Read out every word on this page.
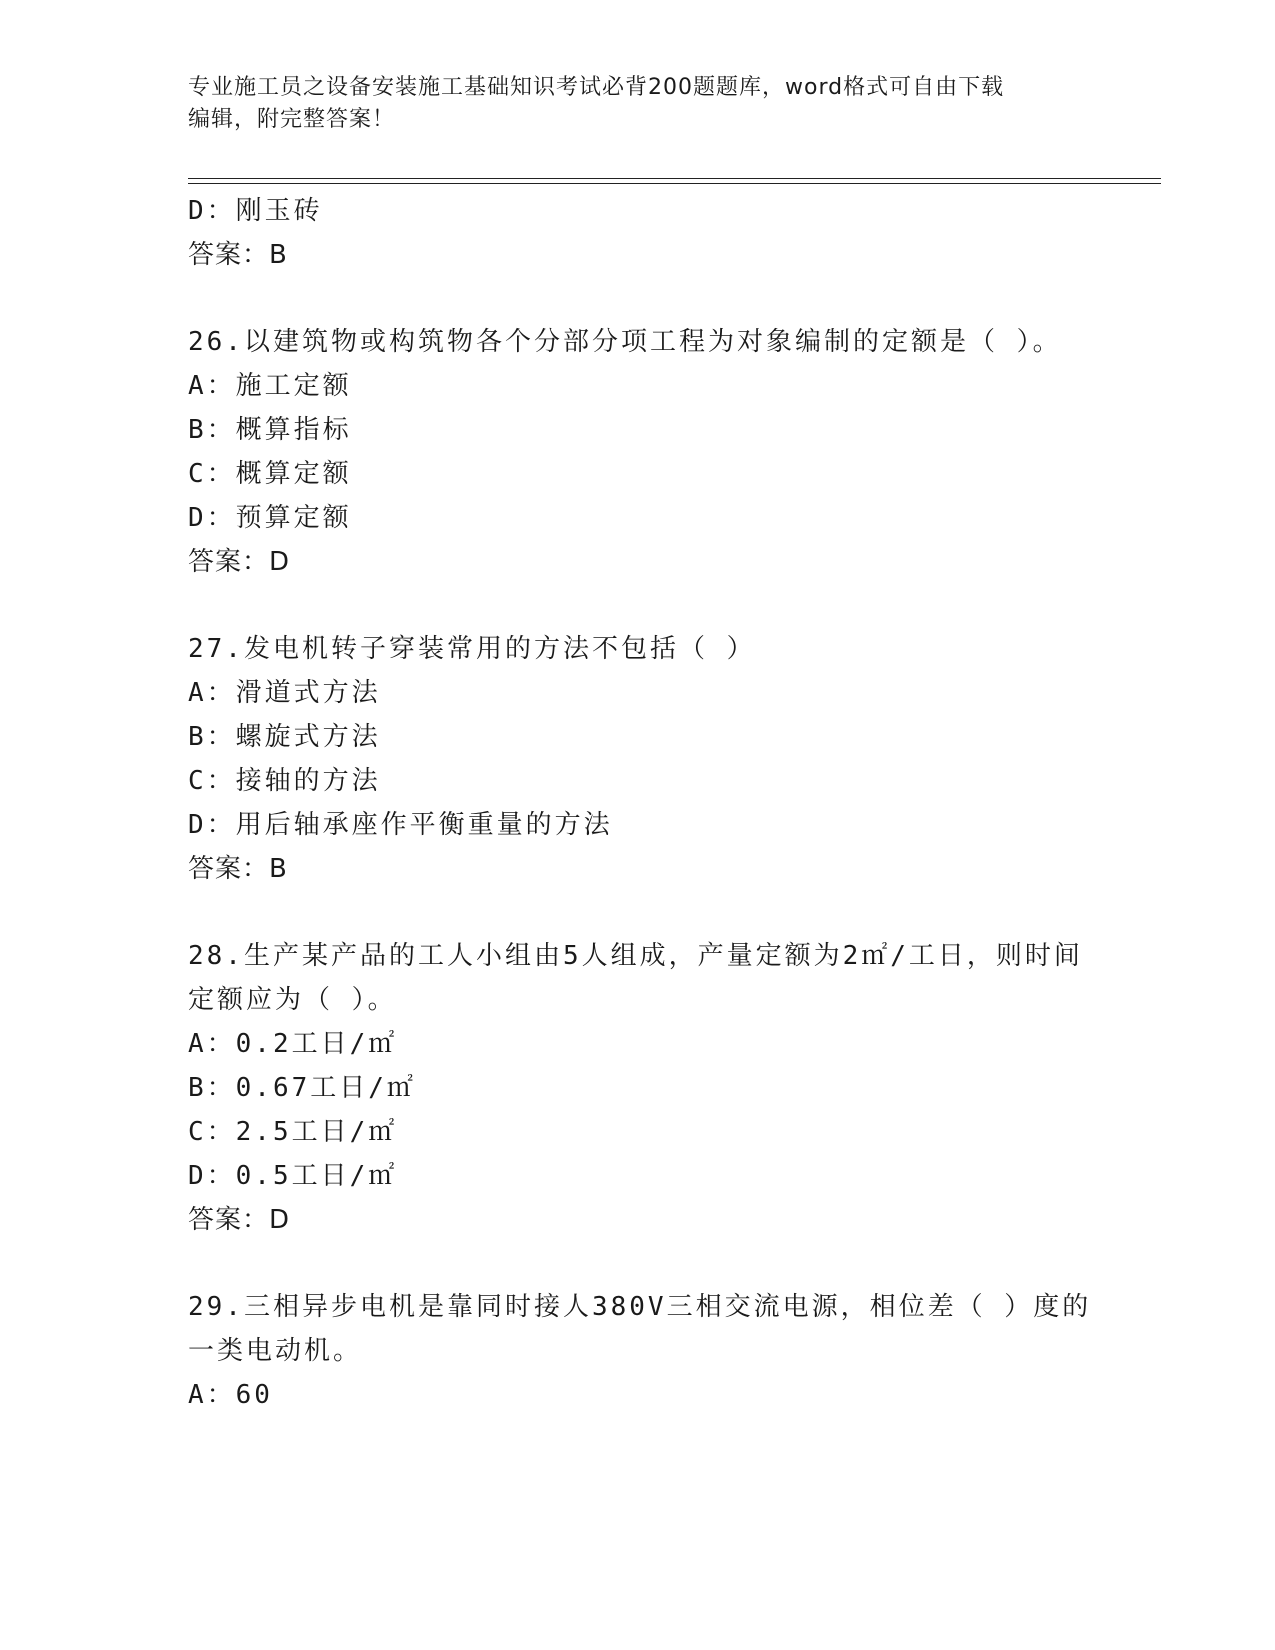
专业施工员之设备安装施工基础知识考试必背200题题库，word格式可自由下载
编辑，附完整答案！
D：刚玉砖
答案：B
26.以建筑物或构筑物各个分部分项工程为对象编制的定额是（ ）。
A：施工定额
B：概算指标
C：概算定额
D：预算定额
答案：D
27.发电机转子穿装常用的方法不包括（ ）
A：滑道式方法
B：螺旋式方法
C：接轴的方法
D：用后轴承座作平衡重量的方法
答案：B
28.生产某产品的工人小组由5人组成，产量定额为2㎡/工日，则时间
定额应为（ ）。
A：0.2工日/㎡
B：0.67工日/㎡
C：2.5工日/㎡
D：0.5工日/㎡
答案：D
29.三相异步电机是靠同时接人380V三相交流电源，相位差（ ）度的
一类电动机。
A：60
